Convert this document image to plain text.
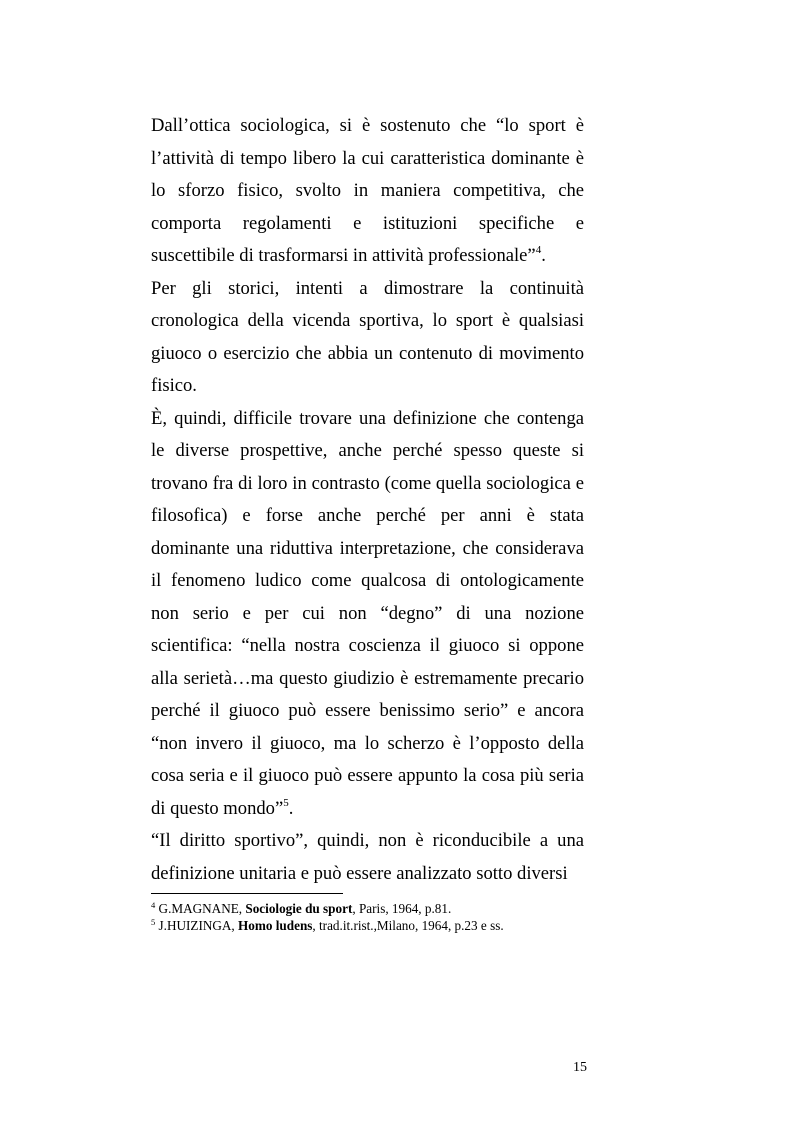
Dall’ottica sociologica, si è sostenuto che “lo sport è l’attività di tempo libero la cui caratteristica dominante è lo sforzo fisico, svolto in maniera competitiva, che comporta regolamenti e istituzioni specifiche e suscettibile di trasformarsi in attività professionale”$^4$.

Per gli storici, intenti a dimostrare la continuità cronologica della vicenda sportiva, lo sport è qualsiasi giuoco o esercizio che abbia un contenuto di movimento fisico.

È, quindi, difficile trovare una definizione che contenga le diverse prospettive, anche perché spesso queste si trovano fra di loro in contrasto (come quella sociologica e filosofica) e forse anche perché per anni è stata dominante una riduttiva interpretazione, che considerava il fenomeno ludico come qualcosa di ontologicamente non serio e per cui non “degno” di una nozione scientifica: “nella nostra coscienza il giuoco si oppone alla serietà…ma questo giudizio è estremamente precario perché il giuoco può essere benissimo serio” e ancora “non invero il giuoco, ma lo scherzo è l’opposto della cosa seria e il giuoco può essere appunto la cosa più seria di questo mondo”$^5$.

“Il diritto sportivo”, quindi, non è riconducibile a una definizione unitaria e può essere analizzato sotto diversi

$^4$ G.MAGNANE, Sociologie du sport, Paris, 1964, p.81.

$^5$ J.HUIZINGA, Homo ludens, trad.it.rist.,Milano, 1964, p.23 e ss.

15
